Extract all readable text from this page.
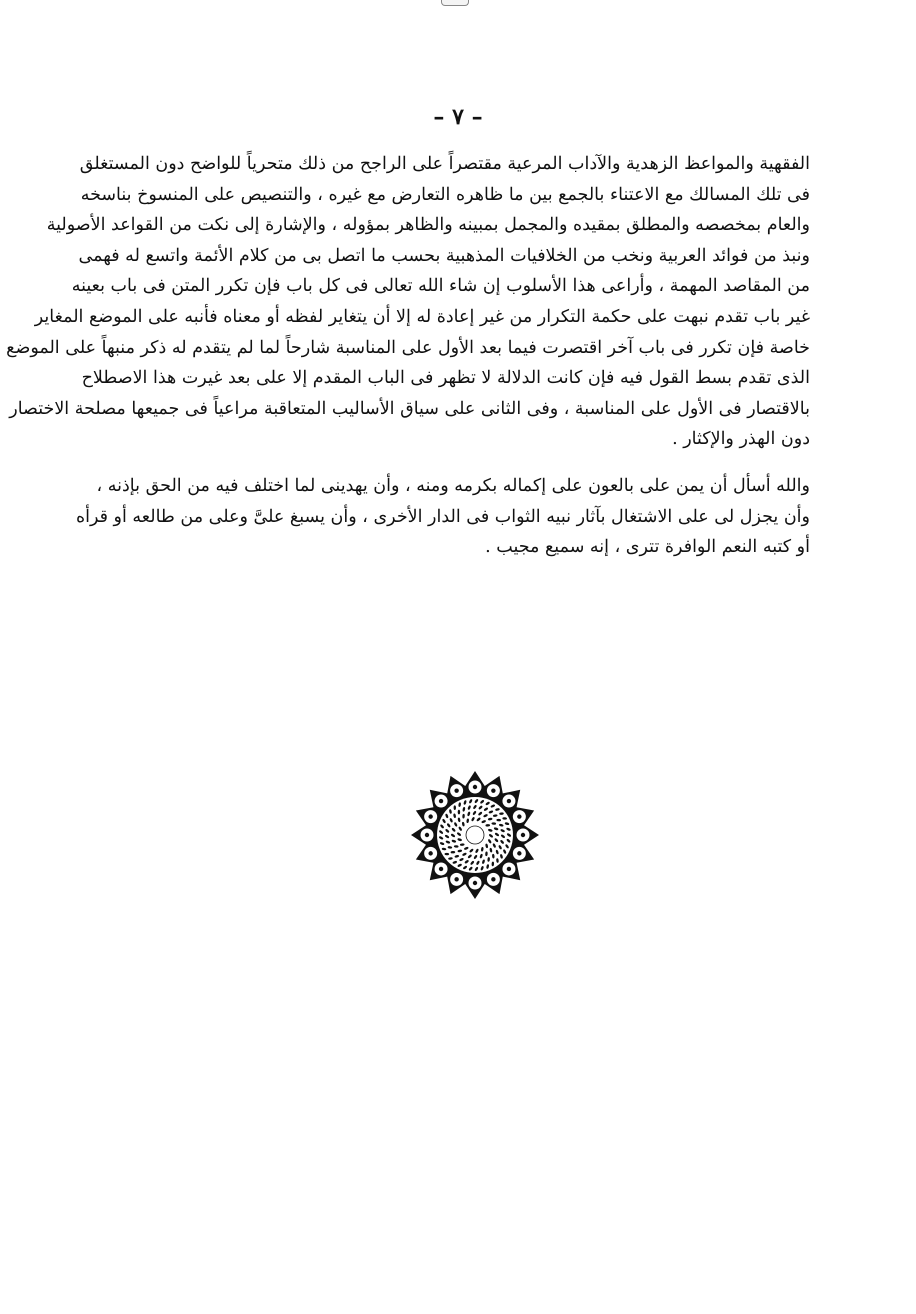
– ٧ –
الفقهية والمواعظ الزهدية والآداب المرعية مقتصراً على الراجح من ذلك متحرياً للواضح دون المستغلق
فى تلك المسالك مع الاعتناء بالجمع بين ما ظاهره التعارض مع غيره ، والتنصيص على المنسوخ بناسخه
والعام بمخصصه والمطلق بمقيده والمجمل بمبينه والظاهر بمؤوله ، والإشارة إلى نكت من القواعد الأصولية
ونبذ من فوائد العربية ونخب من الخلافيات المذهبية بحسب ما اتصل بى من كلام الأئمة واتسع له فهمى
من المقاصد المهمة ، وأراعى هذا الأسلوب إن شاء الله تعالى فى كل باب فإن تكرر المتن فى باب بعينه
غير باب تقدم نبهت على حكمة التكرار من غير إعادة له إلا أن يتغاير لفظه أو معناه فأنبه على الموضع المغاير
خاصة فإن تكرر فى باب آخر اقتصرت فيما بعد الأول على المناسبة شارحاً لما لم يتقدم له ذكر منبهاً على الموضع
الذى تقدم بسط القول فيه فإن كانت الدلالة لا تظهر فى الباب المقدم إلا على بعد غيرت هذا الاصطلاح
بالاقتصار فى الأول على المناسبة ، وفى الثانى على سياق الأساليب المتعاقبة مراعياً فى جميعها مصلحة الاختصار
دون الهذر والإكثار .
والله أسأل أن يمن على بالعون على إكماله بكرمه ومنه ، وأن يهدينى لما اختلف فيه من الحق بإذنه ،
وأن يجزل لى على الاشتغال بآثار نبيه الثواب فى الدار الأخرى ، وأن يسبغ علىَّ وعلى من طالعه أو قرأه
أو كتبه النعم الوافرة تترى ، إنه سميع مجيب .
